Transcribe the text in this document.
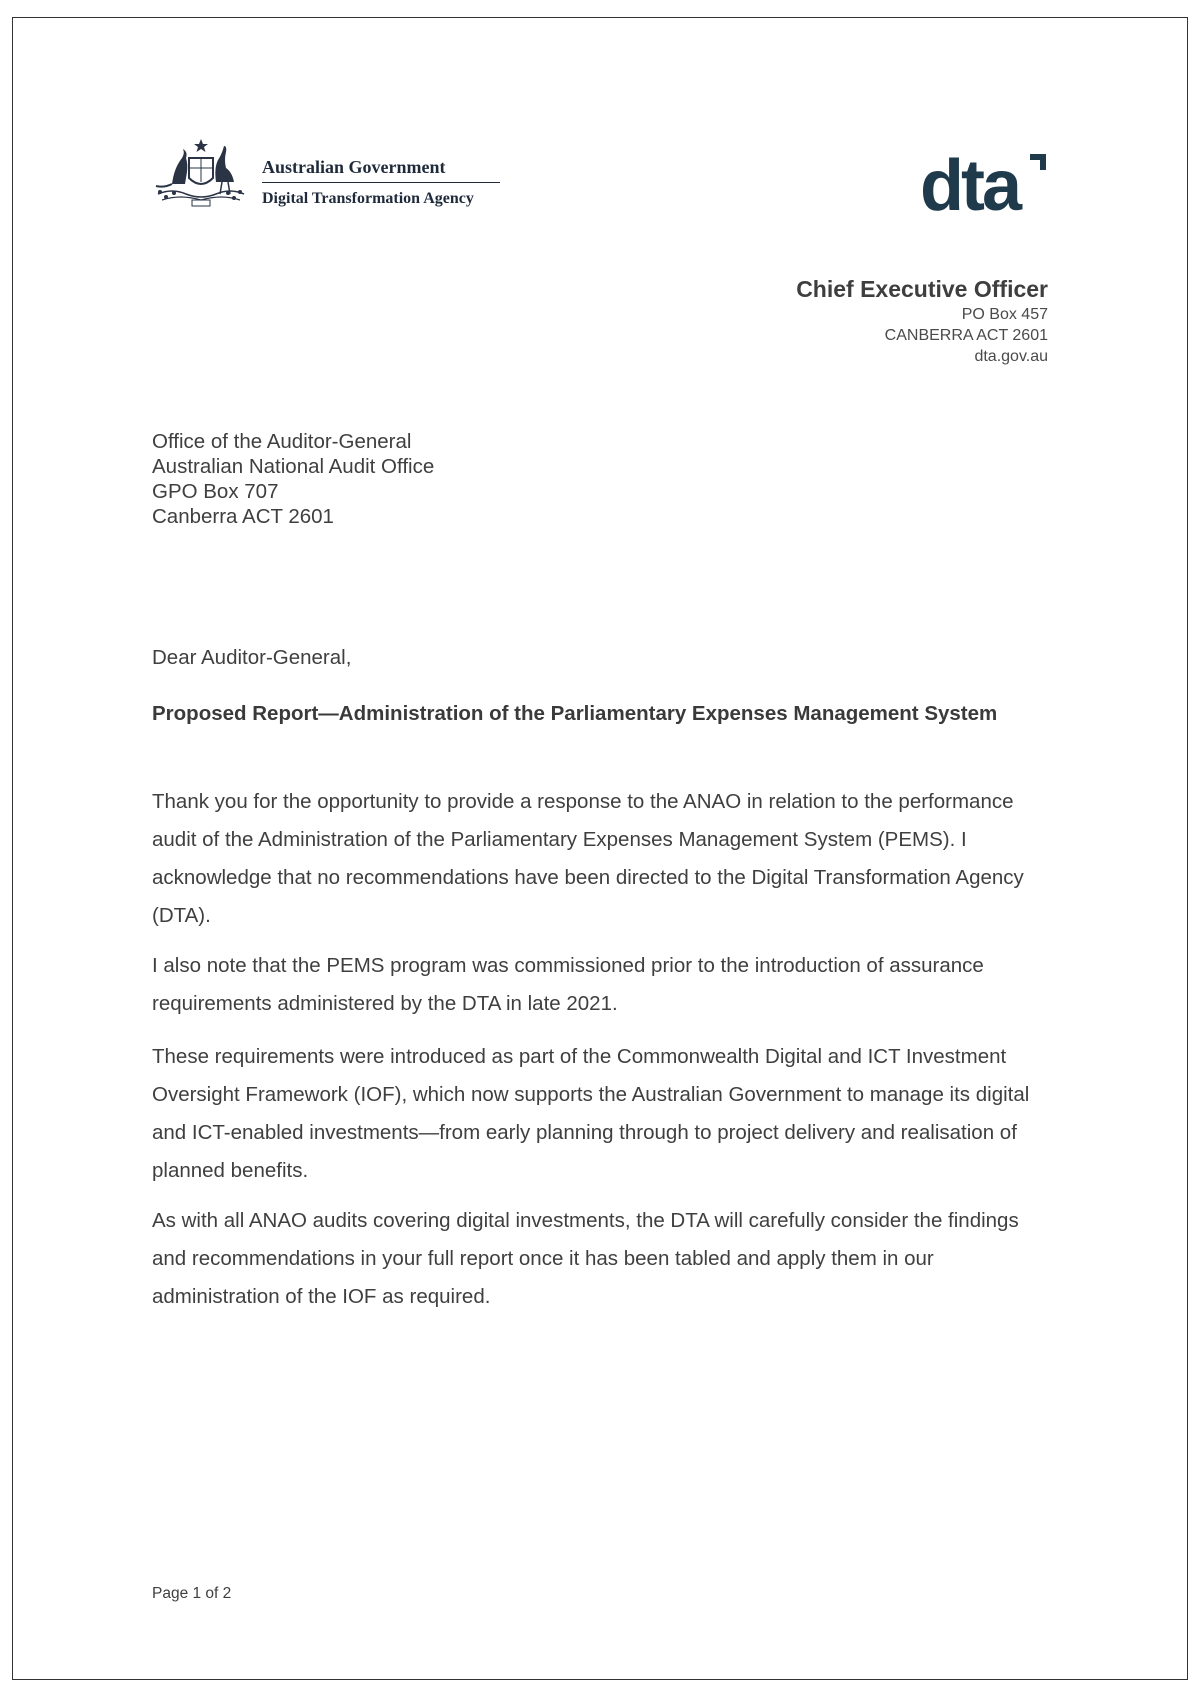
Australian Government
Digital Transformation Agency	dta
Chief Executive Officer
PO Box 457
CANBERRA ACT 2601
dta.gov.au
Office of the Auditor-General
Australian National Audit Office
GPO Box 707
Canberra ACT 2601
Dear Auditor-General,
Proposed Report—Administration of the Parliamentary Expenses Management System
Thank you for the opportunity to provide a response to the ANAO in relation to the performance audit of the Administration of the Parliamentary Expenses Management System (PEMS). I acknowledge that no recommendations have been directed to the Digital Transformation Agency (DTA).
I also note that the PEMS program was commissioned prior to the introduction of assurance requirements administered by the DTA in late 2021.
These requirements were introduced as part of the Commonwealth Digital and ICT Investment Oversight Framework (IOF), which now supports the Australian Government to manage its digital and ICT-enabled investments—from early planning through to project delivery and realisation of planned benefits.
As with all ANAO audits covering digital investments, the DTA will carefully consider the findings and recommendations in your full report once it has been tabled and apply them in our administration of the IOF as required.
Page 1 of 2
